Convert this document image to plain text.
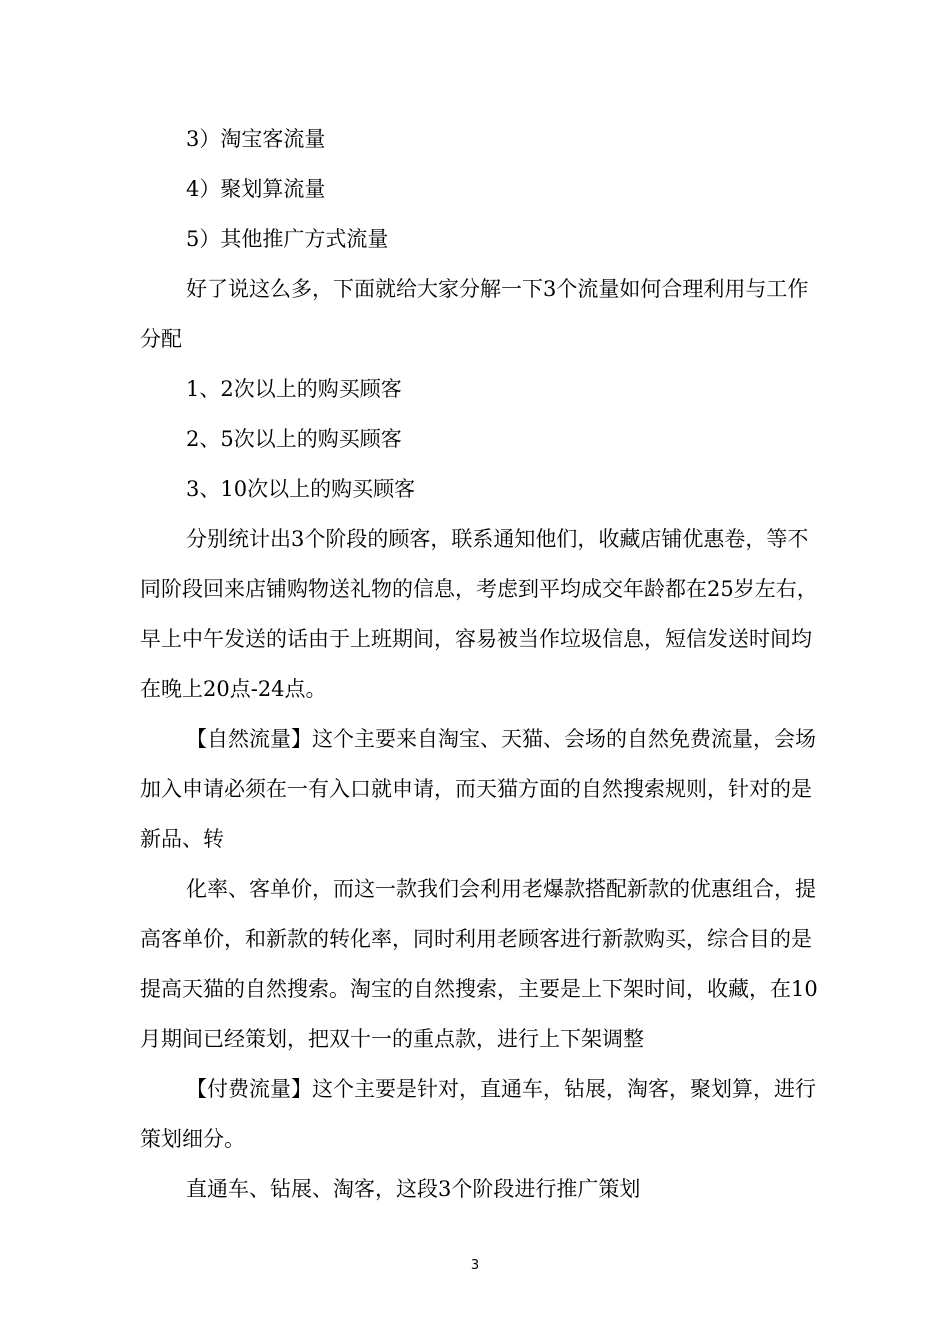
3）淘宝客流量

4）聚划算流量

5）其他推广方式流量

好了说这么多，下面就给大家分解一下3个流量如何合理利用与工作分配

1、2次以上的购买顾客

2、5次以上的购买顾客

3、10次以上的购买顾客

分别统计出3个阶段的顾客，联系通知他们，收藏店铺优惠卷，等不同阶段回来店铺购物送礼物的信息，考虑到平均成交年龄都在25岁左右，早上中午发送的话由于上班期间，容易被当作垃圾信息，短信发送时间均在晚上20点-24点。

【自然流量】这个主要来自淘宝、天猫、会场的自然免费流量，会场加入申请必须在一有入口就申请，而天猫方面的自然搜索规则，针对的是新品、转

化率、客单价，而这一款我们会利用老爆款搭配新款的优惠组合，提高客单价，和新款的转化率，同时利用老顾客进行新款购买，综合目的是提高天猫的自然搜索。淘宝的自然搜索，主要是上下架时间，收藏，在10月期间已经策划，把双十一的重点款，进行上下架调整

【付费流量】这个主要是针对，直通车，钻展，淘客，聚划算，进行策划细分。

直通车、钻展、淘客，这段3个阶段进行推广策划

3
